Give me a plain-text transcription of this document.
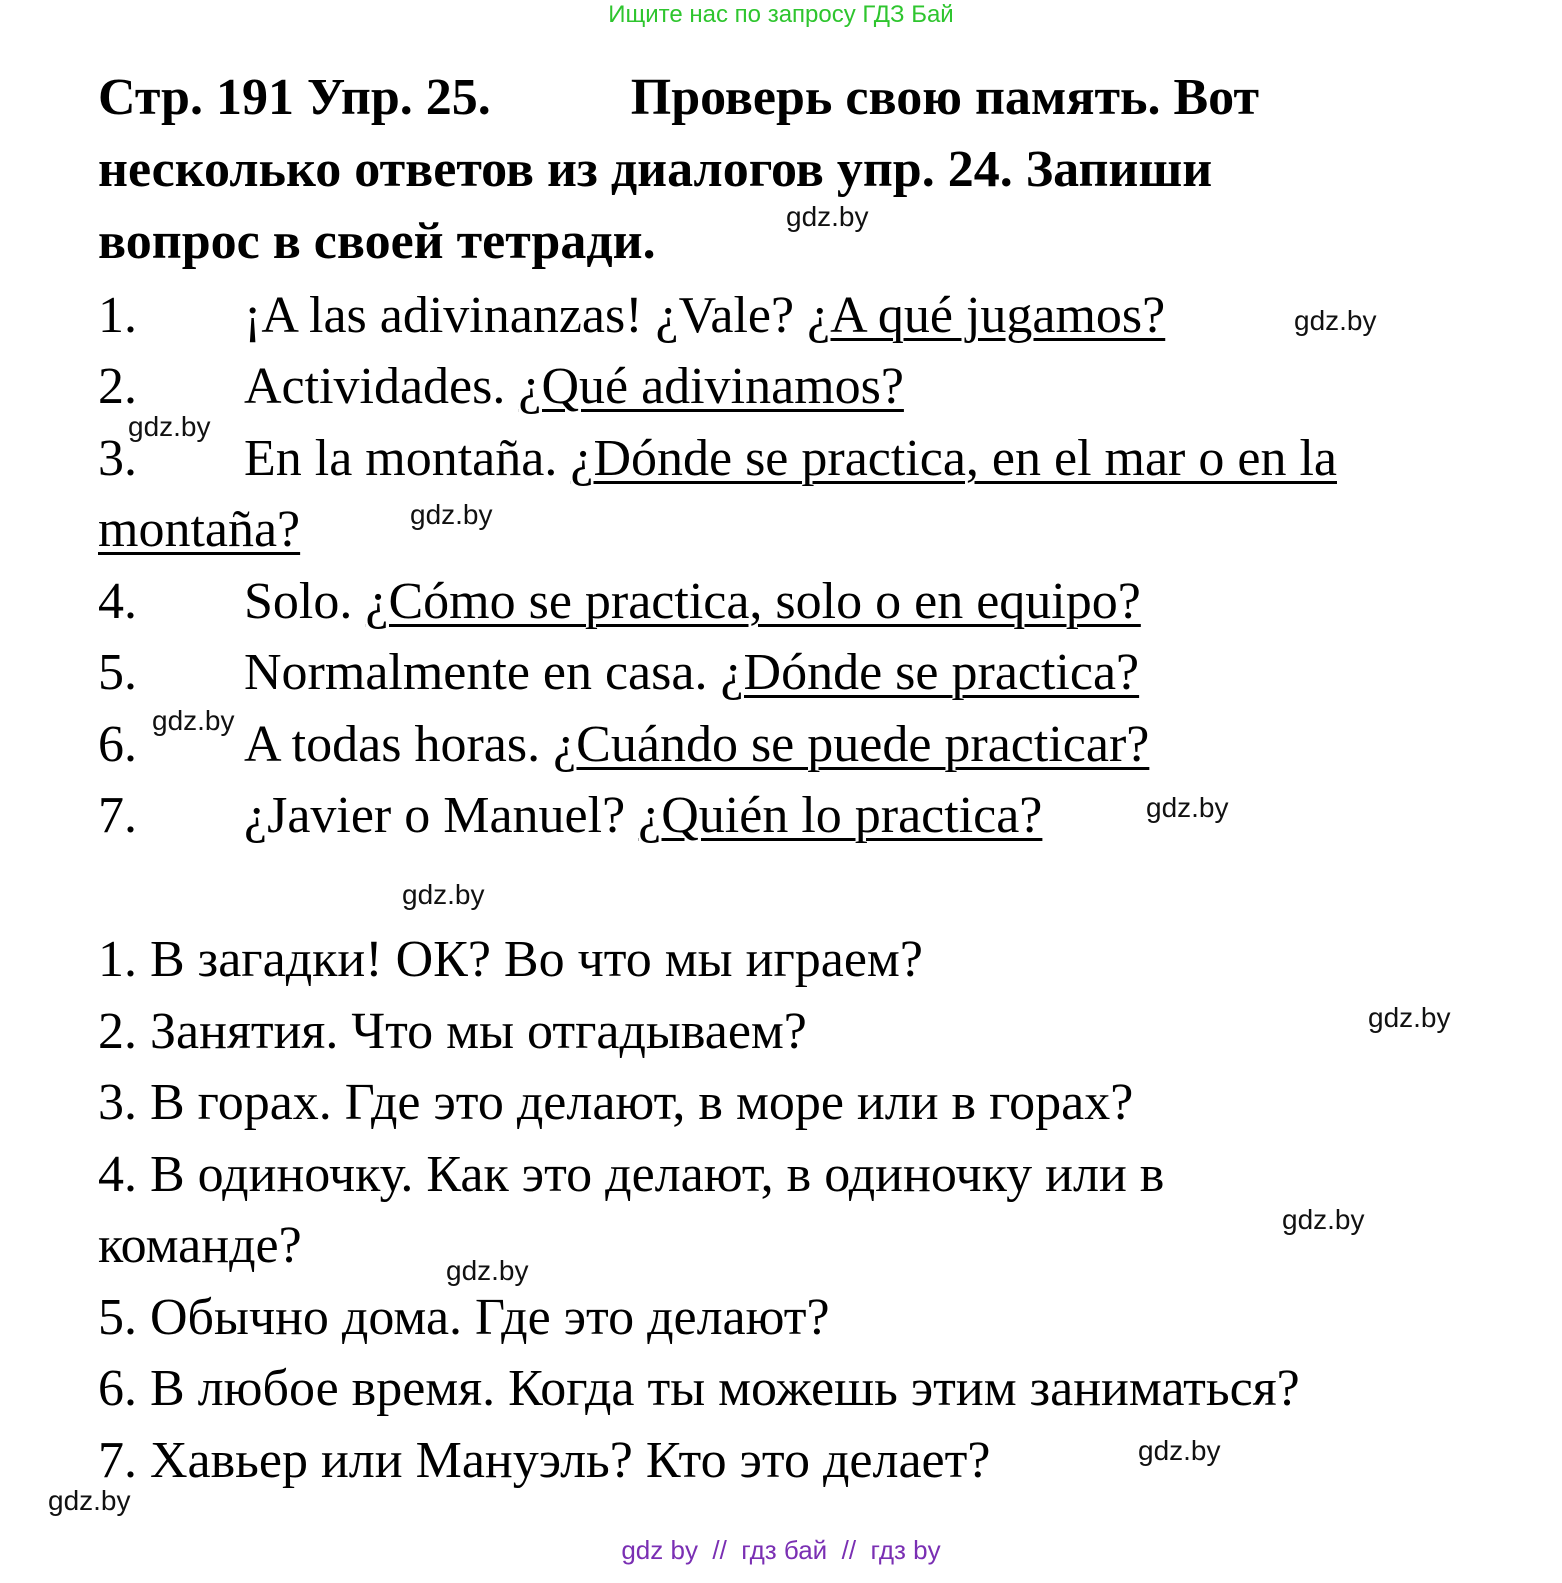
Ищите нас по запросу ГДЗ Бай
Стр. 191 Упр. 25.	Проверь свою память. Вот
несколько ответов из диалогов упр. 24. Запиши
вопрос в своей тетради.
1. ¡A las adivinanzas! ¿Vale? ¿A qué jugamos?
2. Actividades. ¿Qué adivinamos?
3. En la montaña. ¿Dónde se practica, en el mar o en la
montaña?
4. Solo. ¿Cómo se practica, solo o en equipo?
5. Normalmente en casa. ¿Dónde se practica?
6. A todas horas. ¿Cuándo se puede practicar?
7. ¿Javier o Manuel? ¿Quién lo practica?
1. В загадки! ОК? Во что мы играем?
2. Занятия. Что мы отгадываем?
3. В горах. Где это делают, в море или в горах?
4. В одиночку. Как это делают, в одиночку или в
команде?
5. Обычно дома. Где это делают?
6. В любое время. Когда ты можешь этим заниматься?
7. Хавьер или Мануэль? Кто это делает?
gdz.by
gdz.by
gdz.by
gdz.by
gdz.by
gdz.by
gdz.by
gdz.by
gdz.by
gdz.by
gdz.by
gdz.by
gdz by  //  гдз бай  //  гдз by
